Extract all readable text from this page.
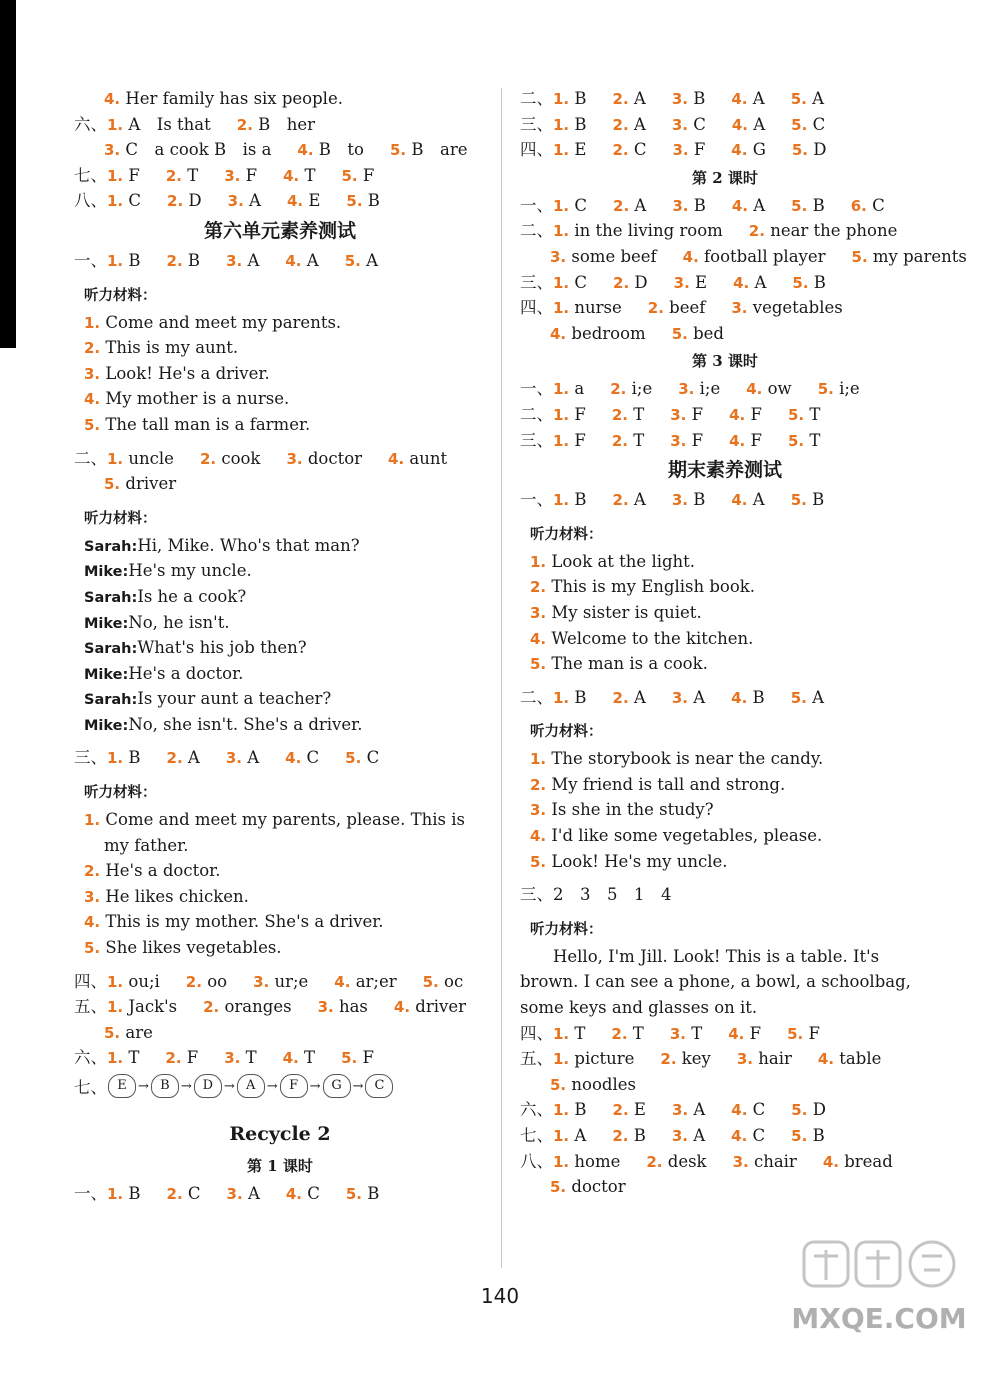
4. Her family has six people.
六、1. A　Is that 2. B　her
3. C　a cook B　is a 4. B　to 5. B　are
七、1. F 2. T 3. F 4. T 5. F
八、1. C 2. D 3. A 4. E 5. B
第六单元素养测试
一、1. B 2. B 3. A 4. A 5. A
听力材料：
1. Come and meet my parents.
2. This is my aunt.
3. Look! He's a driver.
4. My mother is a nurse.
5. The tall man is a farmer.
二、1. uncle 2. cook 3. doctor 4. aunt
5. driver
听力材料：
Sarah:Hi, Mike. Who's that man?
Mike:He's my uncle.
Sarah:Is he a cook?
Mike:No, he isn't.
Sarah:What's his job then?
Mike:He's a doctor.
Sarah:Is your aunt a teacher?
Mike:No, she isn't. She's a driver.
三、1. B 2. A 3. A 4. C 5. C
听力材料：
1. Come and meet my parents, please. This is
my father.
2. He's a doctor.
3. He likes chicken.
4. This is my mother. She's a driver.
5. She likes vegetables.
四、1. ou;i 2. oo 3. ur;e 4. ar;er 5. oc
五、1. Jack's 2. oranges 3. has 4. driver
5. are
六、1. T 2. F 3. T 4. T 5. F
七、 E → B → D → A → F → G → C
Recycle 2
第 1 课时
一、1. B 2. C 3. A 4. C 5. B
二、1. B 2. A 3. B 4. A 5. A
三、1. B 2. A 3. C 4. A 5. C
四、1. E 2. C 3. F 4. G 5. D
第 2 课时
一、1. C 2. A 3. B 4. A 5. B 6. C
二、1. in the living room 2. near the phone
3. some beef 4. football player 5. my parents
三、1. C 2. D 3. E 4. A 5. B
四、1. nurse 2. beef 3. vegetables
4. bedroom 5. bed
第 3 课时
一、1. a 2. i;e 3. i;e 4. ow 5. i;e
二、1. F 2. T 3. F 4. F 5. T
三、1. F 2. T 3. F 4. F 5. T
期末素养测试
一、1. B 2. A 3. B 4. A 5. B
听力材料：
1. Look at the light.
2. This is my English book.
3. My sister is quiet.
4. Welcome to the kitchen.
5. The man is a cook.
二、1. B 2. A 3. A 4. B 5. A
听力材料：
1. The storybook is near the candy.
2. My friend is tall and strong.
3. Is she in the study?
4. I'd like some vegetables, please.
5. Look! He's my uncle.
三、2　3　5　1　4
听力材料：
Hello, I'm Jill. Look! This is a table. It's brown. I can see a phone, a bowl, a schoolbag, some keys and glasses on it.
四、1. T 2. T 3. T 4. F 5. F
五、1. picture 2. key 3. hair 4. table
5. noodles
六、1. B 2. E 3. A 4. C 5. D
七、1. A 2. B 3. A 4. C 5. B
八、1. home 2. desk 3. chair 4. bread
5. doctor
140
MXQE.COM
